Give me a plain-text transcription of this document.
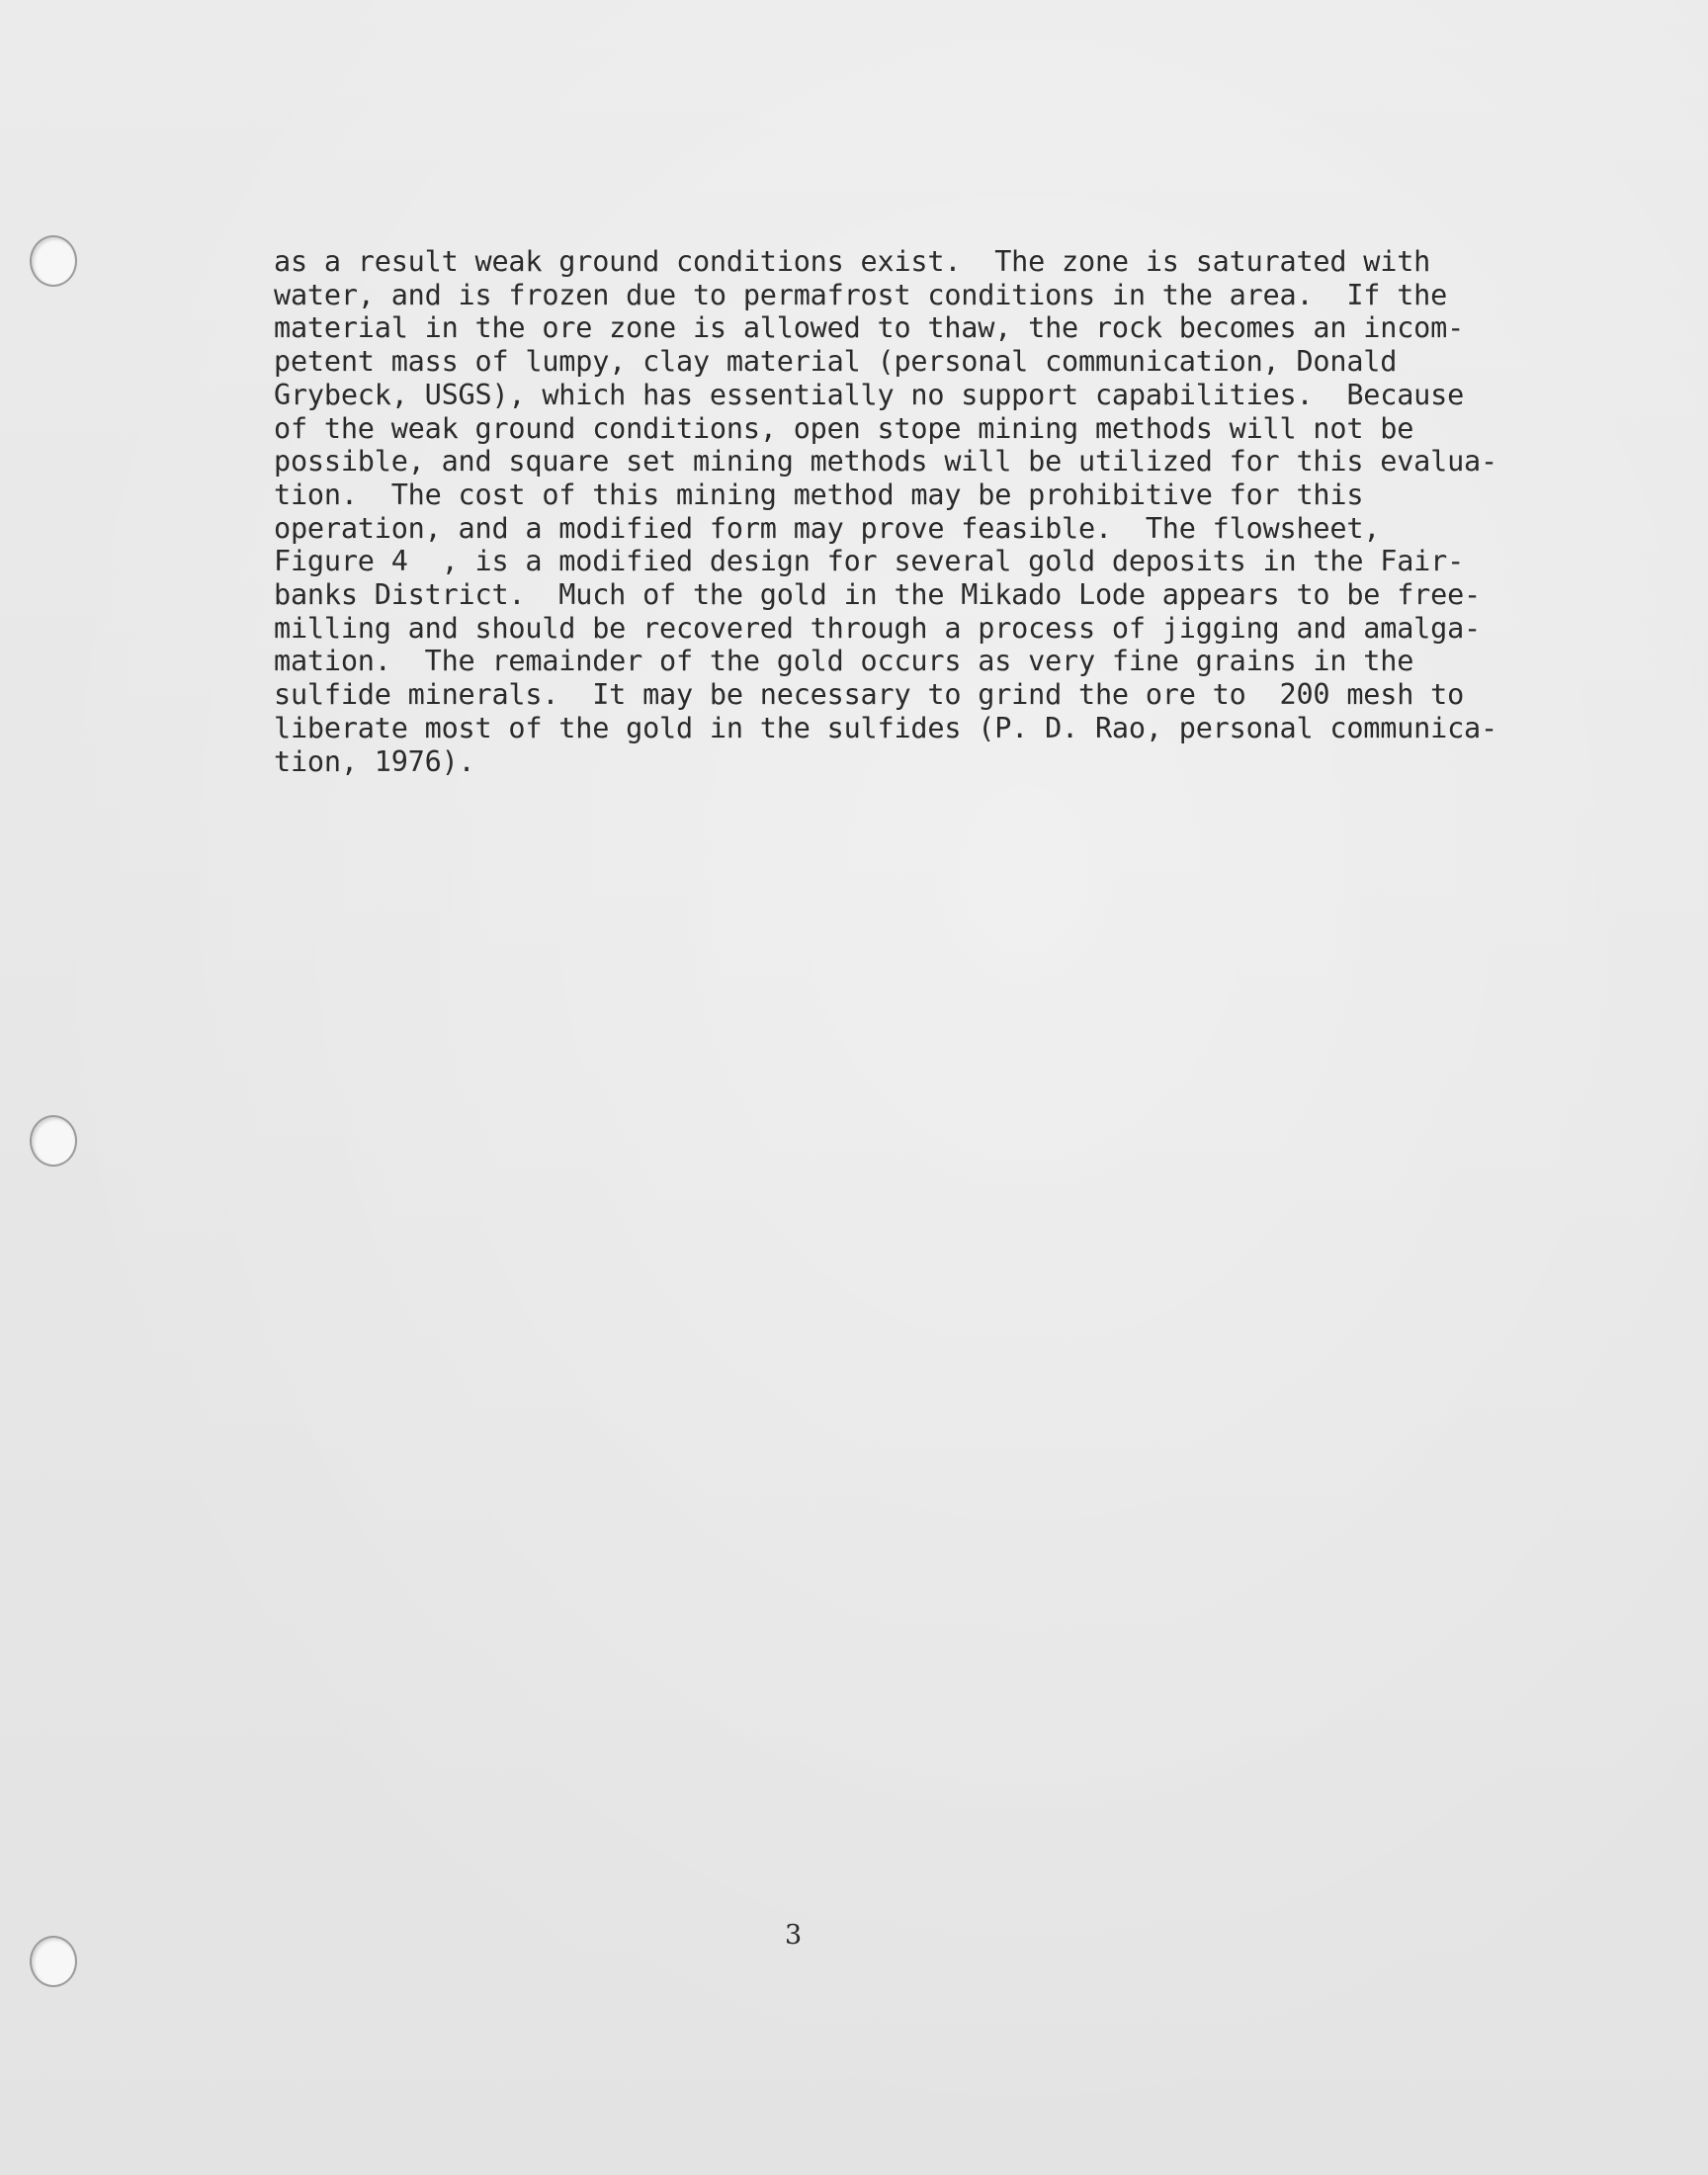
as a result weak ground conditions exist.  The zone is saturated with
water, and is frozen due to permafrost conditions in the area.  If the
material in the ore zone is allowed to thaw, the rock becomes an incom-
petent mass of lumpy, clay material (personal communication, Donald
Grybeck, USGS), which has essentially no support capabilities.  Because
of the weak ground conditions, open stope mining methods will not be
possible, and square set mining methods will be utilized for this evalua-
tion.  The cost of this mining method may be prohibitive for this
operation, and a modified form may prove feasible.  The flowsheet,
Figure 4  , is a modified design for several gold deposits in the Fair-
banks District.  Much of the gold in the Mikado Lode appears to be free-
milling and should be recovered through a process of jigging and amalga-
mation.  The remainder of the gold occurs as very fine grains in the
sulfide minerals.  It may be necessary to grind the ore to  200 mesh to
liberate most of the gold in the sulfides (P. D. Rao, personal communica-
tion, 1976).
3
